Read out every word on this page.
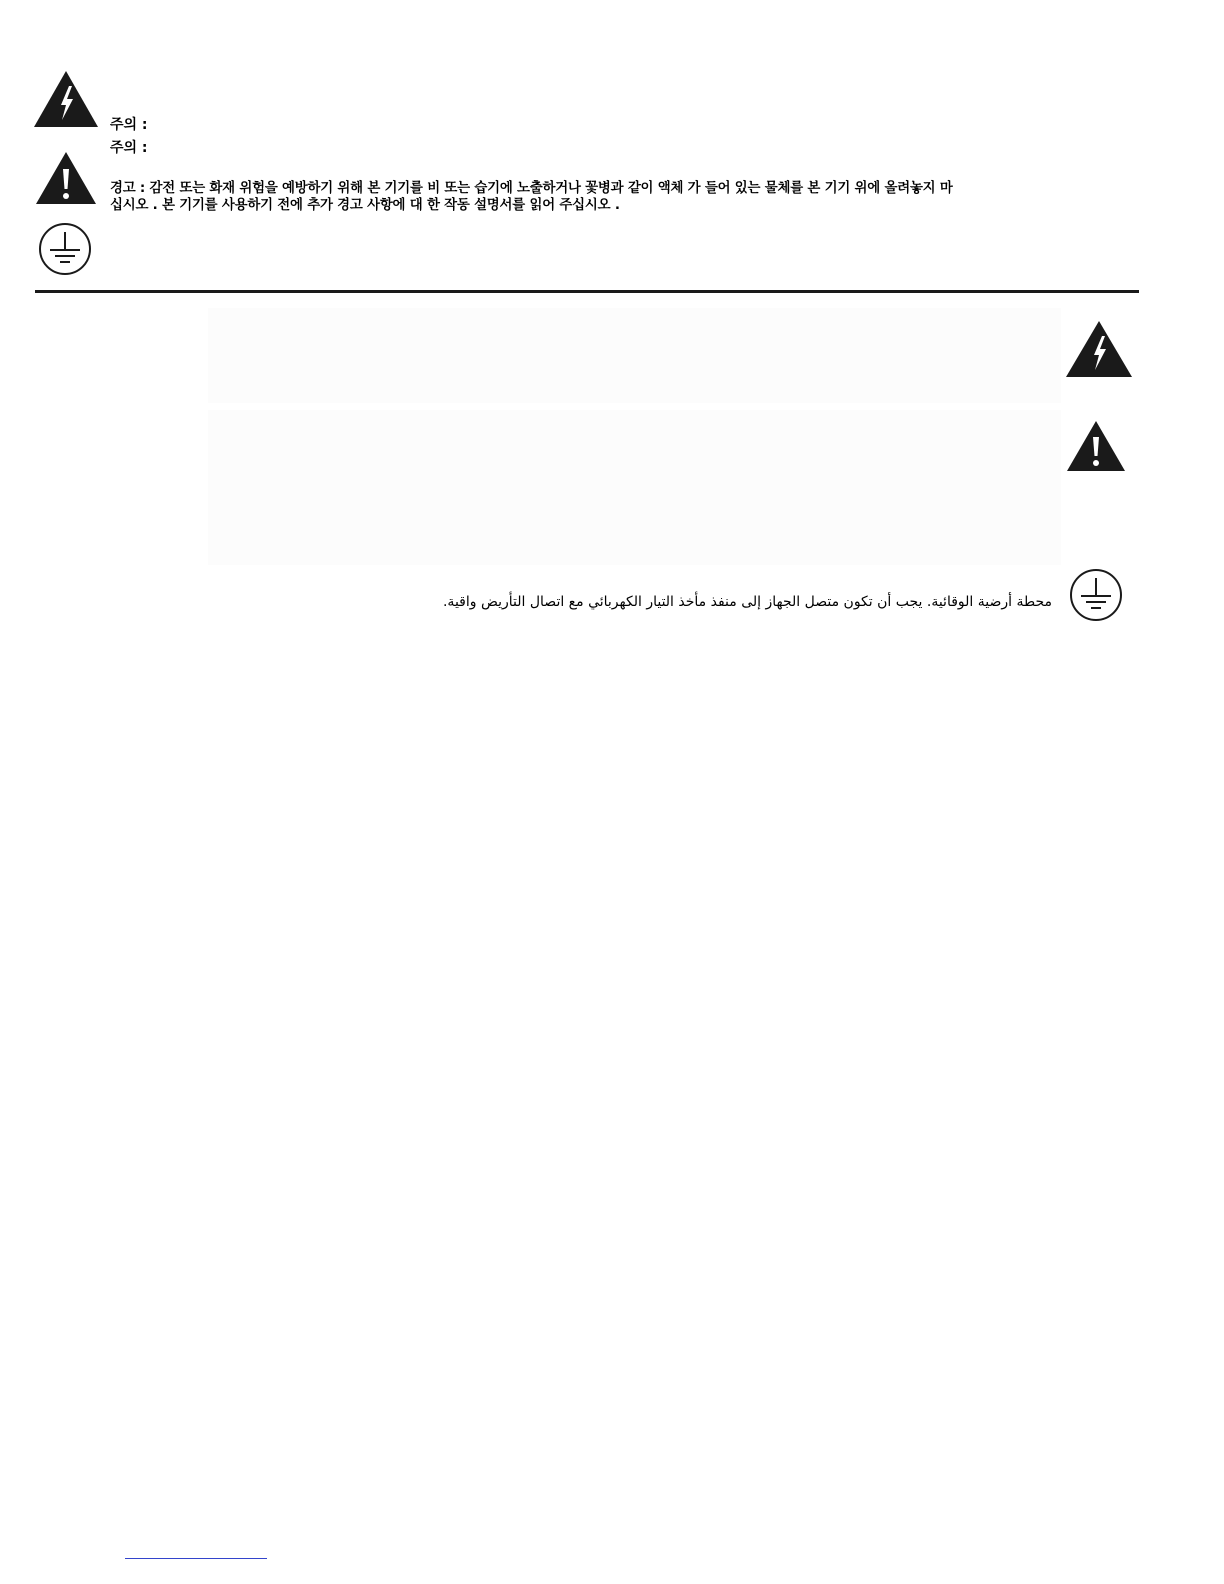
주의 :
주의 :
경고 : 감전 또는 화재 위험을 예방하기 위해 본 기기를 비 또는 습기에 노출하거나 꽃병과 같이 액체 가 들어 있는 물체를 본 기기 위에 올려놓지 마
십시오 . 본 기기를 사용하기 전에 추가 경고 사항에 대 한 작동 설명서를 읽어 주십시오 .
محطة أرضية الوقائية. يجب أن تكون متصل الجهاز إلى منفذ مأخذ التيار الكهربائي مع اتصال التأريض واقية.
